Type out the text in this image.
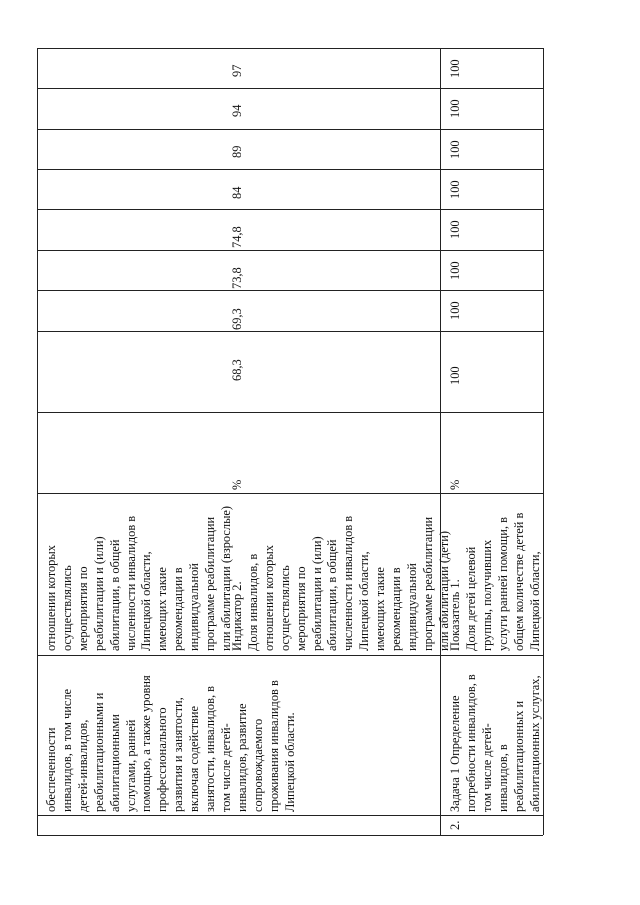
обеспеченности инвалидов, в том числе детей-инвалидов, реабилитационными и абилитационными услугами, ранней помощью, а также уровня профессионального развития и занятости, включая содействие занятости, инвалидов, в том числе детей- инвалидов, развитие сопровождаемого проживания инвалидов в Липецкой области.
отношении которых осуществлялись мероприятия по реабилитации и (или) абилитации, в общей численности инвалидов в Липецкой области, имеющих такие рекомендации в индивидуальной программе реабилитации или абилитации (взрослые)
Индикатор 2. Доля инвалидов, в отношении которых осуществлялись мероприятия по реабилитации и (или) абилитации, в общей численности инвалидов в Липецкой области, имеющих такие рекомендации в индивидуальной программе реабилитации или абилитации (дети)
%
68,3
69,3
73,8
74,8
84
89
94
97
2.
Задача 1 Определение потребности инвалидов, в том числе детей- инвалидов, в реабилитационных и абилитационных услугах,
Показатель 1. Доля детей целевой группы, получивших услуги ранней помощи, в общем количестве детей в Липецкой области,
%
100
100
100
100
100
100
100
100
